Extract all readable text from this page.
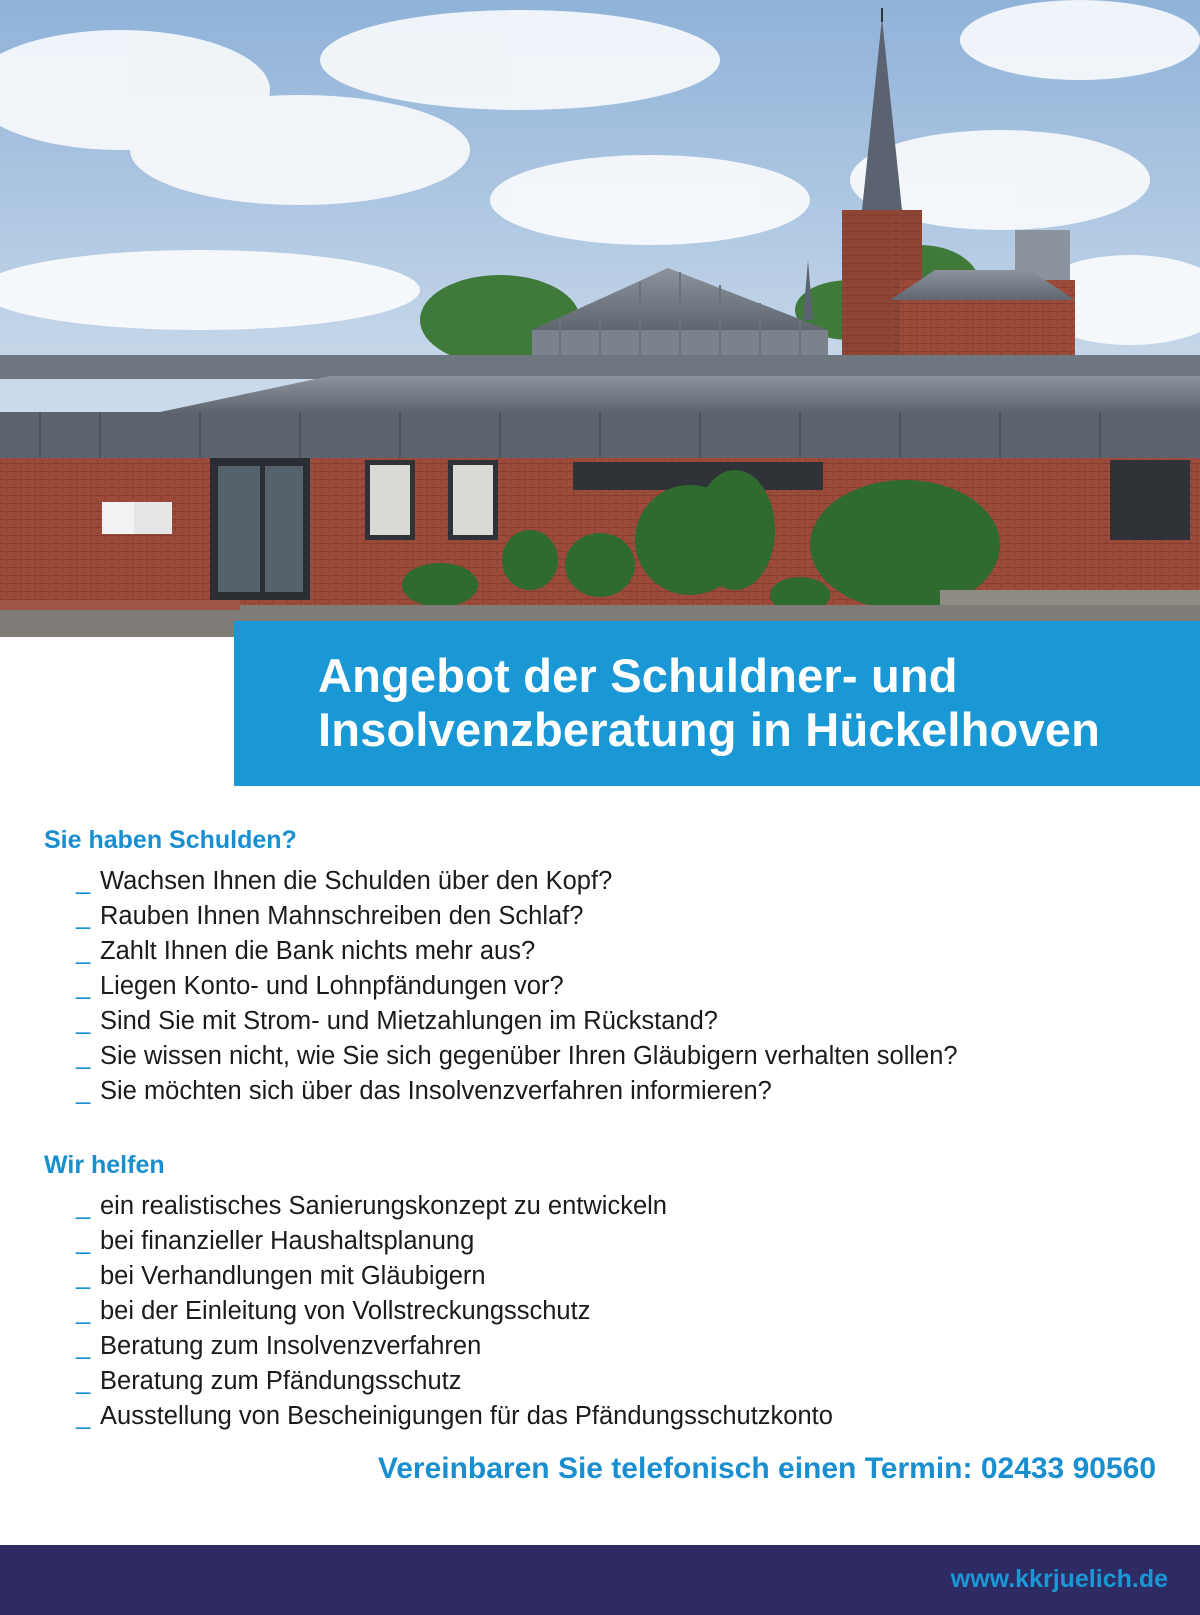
Angebot der Schuldner- und
Insolvenzberatung in Hückelhoven
Sie haben Schulden?
_ Wachsen Ihnen die Schulden über den Kopf?
_ Rauben Ihnen Mahnschreiben den Schlaf?
_ Zahlt Ihnen die Bank nichts mehr aus?
_ Liegen Konto- und Lohnpfändungen vor?
_ Sind Sie mit Strom- und Mietzahlungen im Rückstand?
_ Sie wissen nicht, wie Sie sich gegenüber Ihren Gläubigern verhalten sollen?
_ Sie möchten sich über das Insolvenzverfahren informieren?
Wir helfen
_ ein realistisches Sanierungskonzept zu entwickeln
_ bei finanzieller Haushaltsplanung
_ bei Verhandlungen mit Gläubigern
_ bei der Einleitung von Vollstreckungsschutz
_ Beratung zum Insolvenzverfahren
_ Beratung zum Pfändungsschutz
_ Ausstellung von Bescheinigungen für das Pfändungsschutzkonto
Vereinbaren Sie telefonisch einen Termin: 02433 90560
www.kkrjuelich.de
